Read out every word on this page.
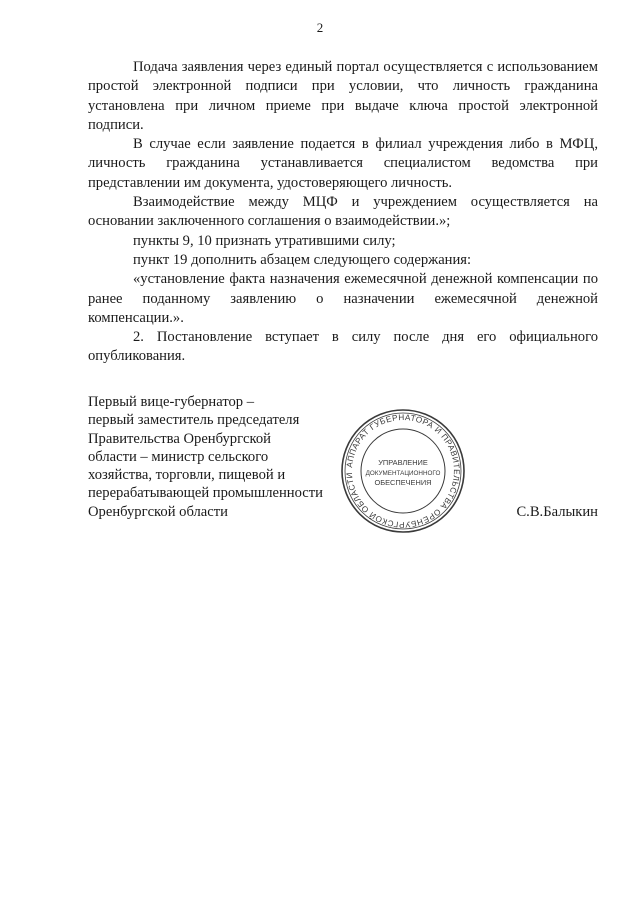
2

Подача заявления через единый портал осуществляется с использованием простой электронной подписи при условии, что личность гражданина установлена при личном приеме при выдаче ключа простой электронной подписи.

В случае если заявление подается в филиал учреждения либо в МФЦ, личность гражданина устанавливается специалистом ведомства при представлении им документа, удостоверяющего личность.

Взаимодействие между МЦФ и учреждением осуществляется на основании заключенного соглашения о взаимодействии.»;

пункты 9, 10 признать утратившими силу;

пункт 19 дополнить абзацем следующего содержания:

«установление факта назначения ежемесячной денежной компенсации по ранее поданному заявлению о назначении ежемесячной денежной компенсации.».

2. Постановление вступает в силу после дня его официального опубликования.

Первый вице-губернатор –
первый заместитель председателя
Правительства Оренбургской
области – министр сельского
хозяйства, торговли, пищевой и
перерабатывающей промышленности
Оренбургской области
АППАРАТ ГУБЕРНАТОРА И ПРАВИТЕЛЬСТВА ОРЕНБУРГСКОЙ ОБЛАСТИ
УПРАВЛЕНИЕ
ДОКУМЕНТАЦИОННОГО
ОБЕСПЕЧЕНИЯ
С.В.Балыкин
